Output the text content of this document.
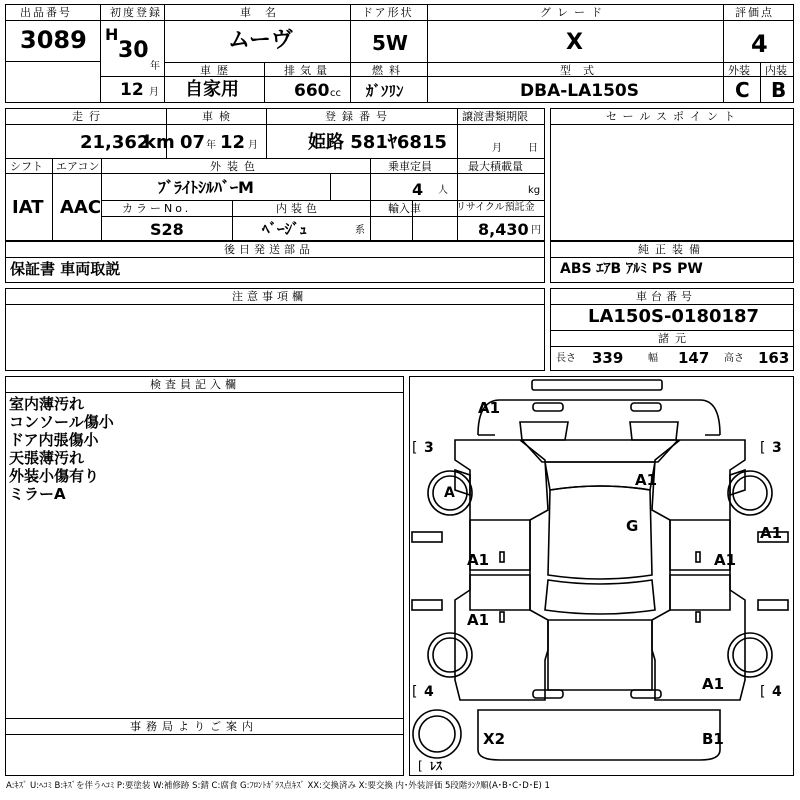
出品番号
3089
初度登録
H
30
年
12 月
車名
ムーヴ
ドア形状
5W
グレード
X
評価点
4
車歴
自家用
排気量
660 cc
燃料
ｶﾞｿﾘﾝ
型式
DBA-LA150S
外装 内装
C B
走行
21,362
km
車検
07 年 12 月
登録番号
姫路 581ﾔ6815
譲渡書類期限
月	日
シフト エアコン
IAT AAC
外装色
ﾌﾞﾗｲﾄｼﾙﾊﾞｰM
乗車定員
4 人
最大積載量
kg
カラーNo.
S28
内装色
ﾍﾞｰｼﾞｭ	系
輸入車	リサイクル預託金
8,430 円
後日発送部品
保証書 車両取説
セールスポイント
純正装備
ABS ｴｱB ｱﾙﾐ PS PW
注意事項欄	車台番号
LA150S-0180187
諸元
長さ 339 幅 147 高さ 163
検査員記入欄
室内薄汚れ
コンソール傷小
ドア内張傷小
天張薄汚れ
外装小傷有り
ミラーA
事務局よりご案内
3
[	3
[
4
[	4
[
ﾚｽ
[
A1
A1
G
A
A1
A1	A1
A1
A1
X2	B1
A:ｷｽﾞ U:ﾍｺﾐ B:ｷｽﾞを伴うﾍｺﾐ P:要塗装 W:補修跡 S:錆 C:腐食 G:ﾌﾛﾝﾄｶﾞﾗｽ点ｷｽﾞ XX:交換済み X:要交換 内･外装評価 5段階ﾗﾝｸ順(A･B･C･D･E) 1
